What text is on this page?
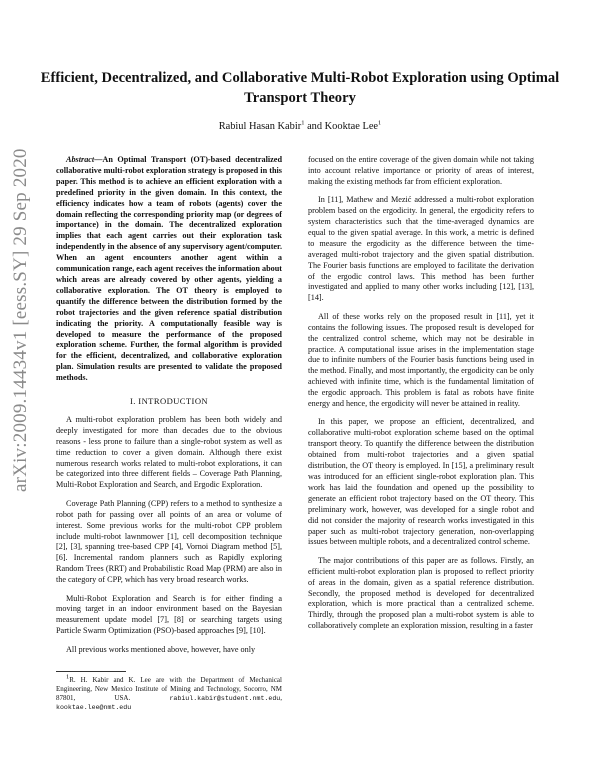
arXiv:2009.14434v1 [eess.SY] 29 Sep 2020
Efficient, Decentralized, and Collaborative Multi-Robot Exploration using Optimal Transport Theory
Rabiul Hasan Kabir$^1$ and Kooktae Lee$^1$

Abstract—An Optimal Transport (OT)-based decentralized collaborative multi-robot exploration strategy is proposed in this paper. This method is to achieve an efficient exploration with a predefined priority in the given domain. In this context, the efficiency indicates how a team of robots (agents) cover the domain reflecting the corresponding priority map (or degrees of importance) in the domain. The decentralized exploration implies that each agent carries out their exploration task independently in the absence of any supervisory agent/computer. When an agent encounters another agent within a communication range, each agent receives the information about which areas are already covered by other agents, yielding a collaborative exploration. The OT theory is employed to quantify the difference between the distribution formed by the robot trajectories and the given reference spatial distribution indicating the priority. A computationally feasible way is developed to measure the performance of the proposed exploration scheme. Further, the formal algorithm is provided for the efficient, decentralized, and collaborative exploration plan. Simulation results are presented to validate the proposed methods.

I. INTRODUCTION

A multi-robot exploration problem has been both widely and deeply investigated for more than decades due to the obvious reasons - less prone to failure than a single-robot system as well as time reduction to cover a given domain. Although there exist numerous research works related to multi-robot explorations, it can be categorized into three different fields – Coverage Path Planning, Multi-Robot Exploration and Search, and Ergodic Exploration.

Coverage Path Planning (CPP) refers to a method to synthesize a robot path for passing over all points of an area or volume of interest. Some previous works for the multi-robot CPP problem include multi-robot lawnmower [1], cell decomposition technique [2], [3], spanning tree-based CPP [4], Vornoi Diagram method [5], [6]. Incremental random planners such as Rapidly exploring Random Trees (RRT) and Probabilistic Road Map (PRM) are also in the category of CPP, which has very broad research works.

Multi-Robot Exploration and Search is for either finding a moving target in an indoor environment based on the Bayesian measurement update model [7], [8] or searching targets using Particle Swarm Optimization (PSO)-based approaches [9], [10].

All previous works mentioned above, however, have only

$^1$R. H. Kabir and K. Lee are with the Department of Mechanical Engineering, New Mexico Institute of Mining and Technology, Socorro, NM 87801, USA.	rabiul.kabir@student.nmt.edu, kooktae.lee@nmt.edu

focused on the entire coverage of the given domain while not taking into account relative importance or priority of areas of interest, making the existing methods far from efficient exploration.

In [11], Mathew and Mezić addressed a multi-robot exploration problem based on the ergodicity. In general, the ergodicity refers to system characteristics such that the time-averaged dynamics are equal to the given spatial average. In this work, a metric is defined to measure the ergodicity as the difference between the time-averaged multi-robot trajectory and the given spatial distribution. The Fourier basis functions are employed to facilitate the derivation of the ergodic control laws. This method has been further investigated and applied to many other works including [12], [13], [14].

All of these works rely on the proposed result in [11], yet it contains the following issues. The proposed result is developed for the centralized control scheme, which may not be desirable in practice. A computational issue arises in the implementation stage due to infinite numbers of the Fourier basis functions being used in the method. Finally, and most importantly, the ergodicity can be only achieved with infinite time, which is the fundamental limitation of the ergodic approach. This problem is fatal as robots have finite energy and hence, the ergodicity will never be attained in reality.

In this paper, we propose an efficient, decentralized, and collaborative multi-robot exploration scheme based on the optimal transport theory. To quantify the difference between the distribution obtained from multi-robot trajectories and a given spatial distribution, the OT theory is employed. In [15], a preliminary result was introduced for an efficient single-robot exploration plan. This work has laid the foundation and opened up the possibility to generate an efficient robot trajectory based on the OT theory. This preliminary work, however, was developed for a single robot and did not consider the majority of research works investigated in this paper such as multi-robot trajectory generation, non-overlapping issues between multiple robots, and a decentralized control scheme.

The major contributions of this paper are as follows. Firstly, an efficient multi-robot exploration plan is proposed to reflect priority of areas in the domain, given as a spatial reference distribution. Secondly, the proposed method is developed for decentralized exploration, which is more practical than a centralized scheme. Thirdly, through the proposed plan a multi-robot system is able to collaboratively complete an exploration mission, resulting in a faster
